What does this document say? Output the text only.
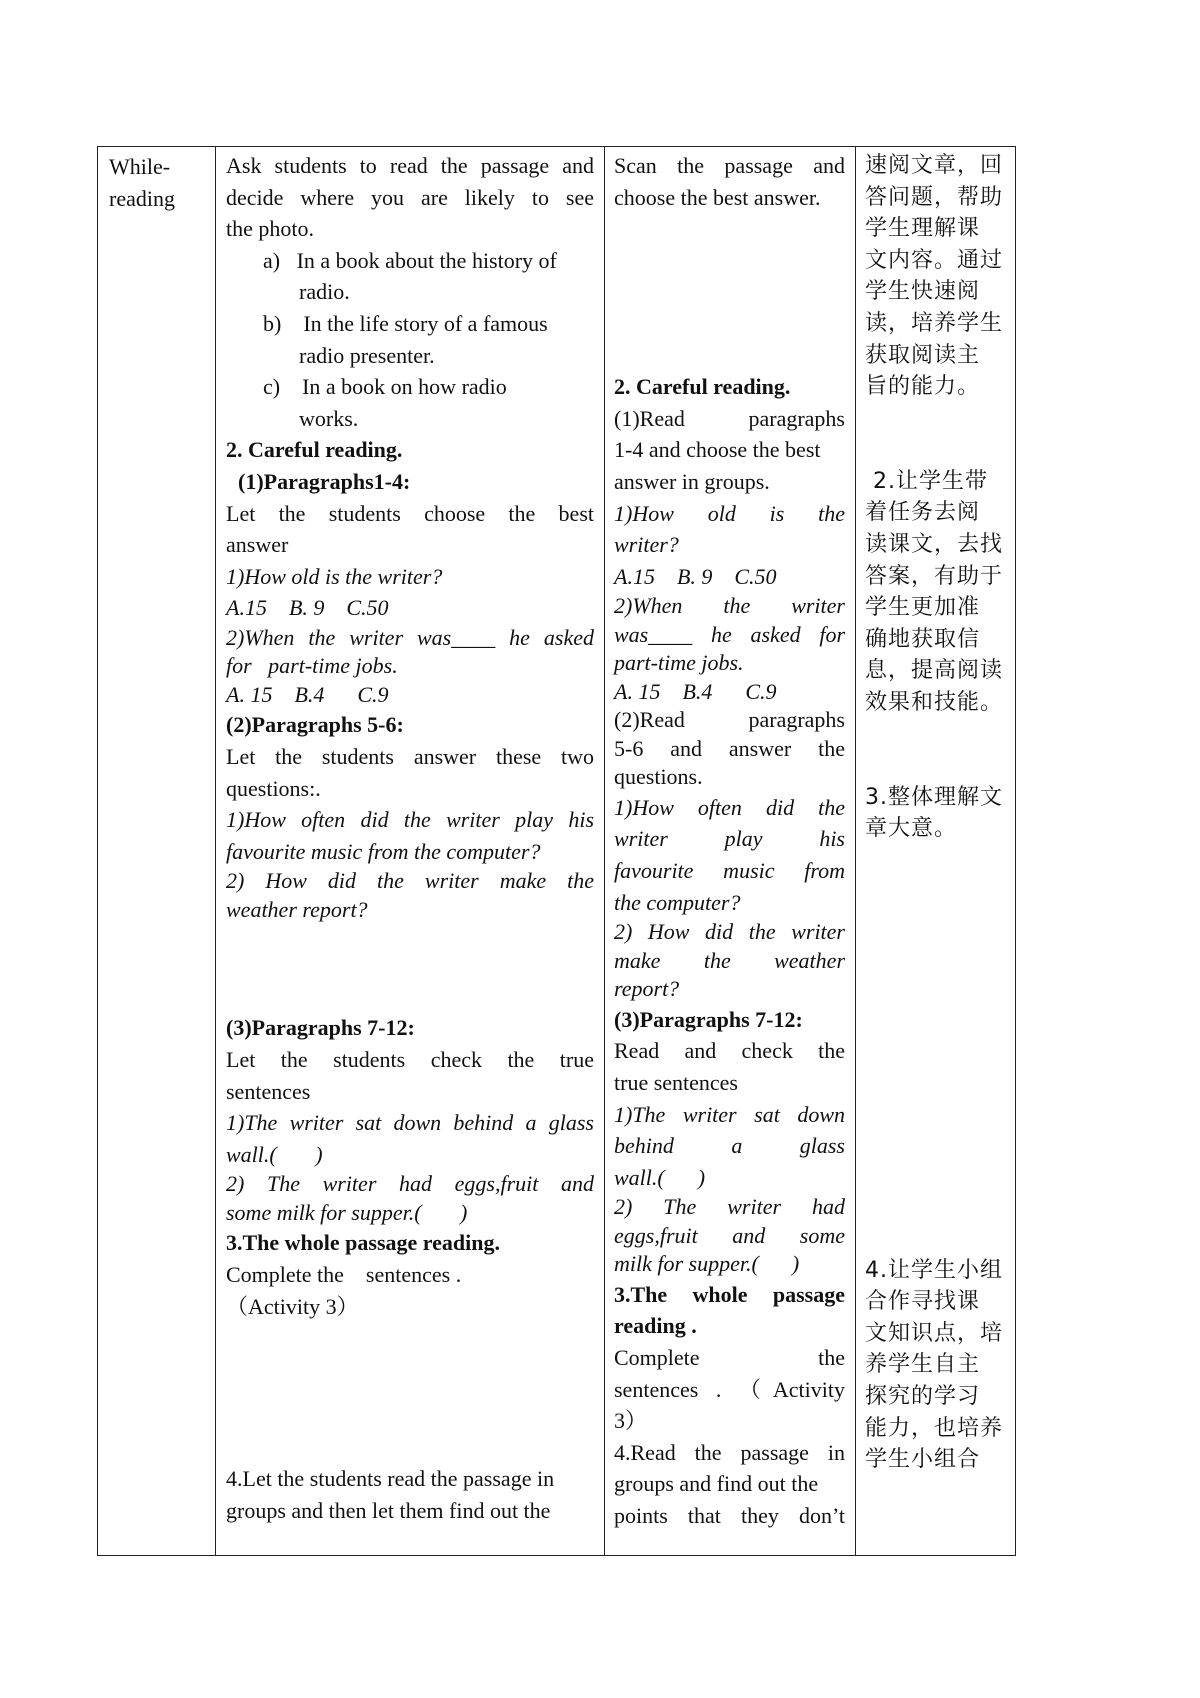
While-
reading
Ask students to read the passage and
decide where you are likely to see
the photo.
a) In a book about the history of
radio.
b) In the life story of a famous
radio presenter.
c) In a book on how radio
works.
2. Careful reading.
(1)Paragraphs1-4:
Let the students choose the best
answer
1)How old is the writer?
A.15    B. 9    C.50
2)When the writer was____ he asked
for   part-time jobs.
A. 15    B.4      C.9
(2)Paragraphs 5-6:
Let the students answer these two
questions:.
1)How often did the writer play his
favourite music from the computer?
2) How did the writer make the
weather report?
(3)Paragraphs 7-12:
Let the students check the true
sentences
1)The writer sat down behind a glass
wall.(       )
2) The writer had eggs,fruit and
some milk for supper.(       )
3.The whole passage reading.
Complete the    sentences .
（Activity 3）
4.Let the students read the passage in
groups and then let them find out the
Scan the passage and
choose the best answer.
2. Careful reading.
(1)Read paragraphs
1-4 and choose the best
answer in groups.
1)How old is the
writer?
A.15    B. 9    C.50
2)When the writer
was____ he asked for
part-time jobs.
A. 15    B.4      C.9
(2)Read paragraphs
5-6 and answer the
questions.
1)How often did the
writer play his
favourite music from
the computer?
2) How did the writer
make the weather
report?
(3)Paragraphs 7-12:
Read and check the
true sentences
1)The writer sat down
behind a glass
wall.(      )
2) The writer had
eggs,fruit and some
milk for supper.(      )
3.The whole passage
reading .
Complete the
sentences . （Activity
3）
4.Read the passage in
groups and find out the
points that they don’t
速阅文章，回
答问题，帮助
学生理解课
文内容。通过
学生快速阅
读，培养学生
获取阅读主
旨的能力。
2.让学生带
着任务去阅
读课文，去找
答案，有助于
学生更加准
确地获取信
息，提高阅读
效果和技能。
3.整体理解文
章大意。
4.让学生小组
合作寻找课
文知识点，培
养学生自主
探究的学习
能力，也培养
学生小组合
